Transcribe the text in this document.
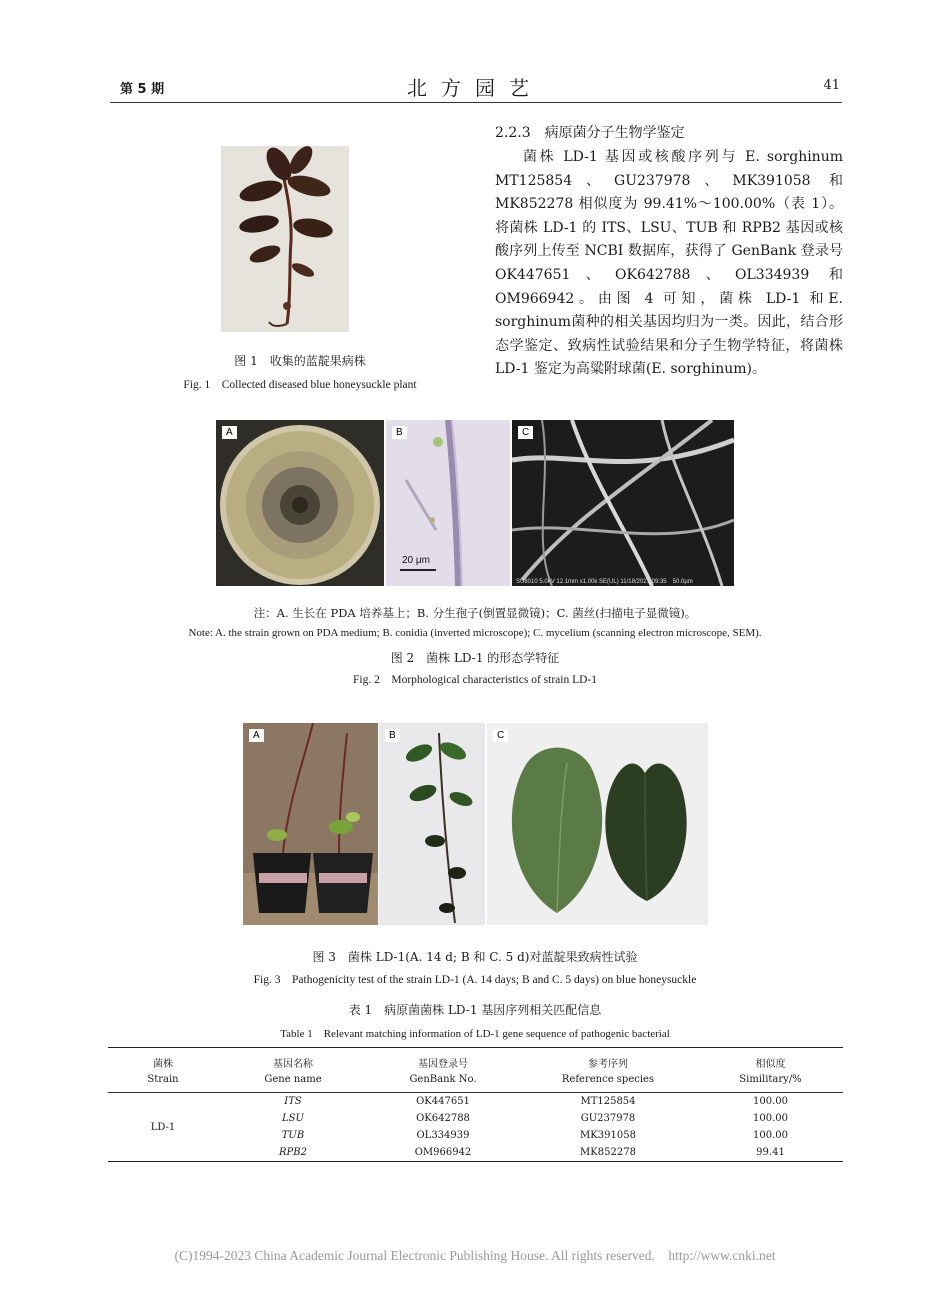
第 5 期	北方园艺	41
图 1　收集的蓝靛果病株
Fig. 1　Collected diseased blue honeysuckle plant
2.2.3　病原菌分子生物学鉴定
菌株 LD-1 基因或核酸序列与 E. sorghinum MT125854、GU237978、MK391058 和 MK852278 相似度为 99.41%～100.00%（表 1）。将菌株 LD-1 的 ITS、LSU、TUB 和 RPB2 基因或核酸序列上传至 NCBI 数据库，获得了 GenBank 登录号 OK447651、OK642788、OL334939 和 OM966942。由图 4 可知，菌株 LD-1 和E. sorghinum菌种的相关基因均归为一类。因此，结合形态学鉴定、致病性试验结果和分子生物学特征，将菌株 LD-1 鉴定为高粱附球菌(E. sorghinum)。
A	B
20 μm
C
SU8010 5.0kV 12.1mm x1.00k SE(UL) 11/18/2021 09:35　50.0μm
注：A. 生长在 PDA 培养基上；B. 分生孢子(倒置显微镜)；C. 菌丝(扫描电子显微镜)。
Note: A. the strain grown on PDA medium; B. conidia (inverted microscope); C. mycelium (scanning electron microscope, SEM).
图 2　菌株 LD-1 的形态学特征
Fig. 2　Morphological characteristics of strain LD-1
A	B	C
图 3　菌株 LD-1(A. 14 d; B 和 C. 5 d)对蓝靛果致病性试验
Fig. 3　Pathogenicity test of the strain LD-1 (A. 14 days; B and C. 5 days) on blue honeysuckle
表 1　病原菌菌株 LD-1 基因序列相关匹配信息
Table 1　Relevant matching information of LD-1 gene sequence of pathogenic bacterial
菌株	基因名称	基因登录号	参考序列	相似度
Strain	Gene name	GenBank No.	Reference species	Similitary/%

LD-1	ITS	OK447651	MT125854	100.00
	LSU	OK642788	GU237978	100.00
	TUB	OL334939	MK391058	100.00
	RPB2	OM966942	MK852278	99.41
(C)1994-2023 China Academic Journal Electronic Publishing House. All rights reserved.　http://www.cnki.net
